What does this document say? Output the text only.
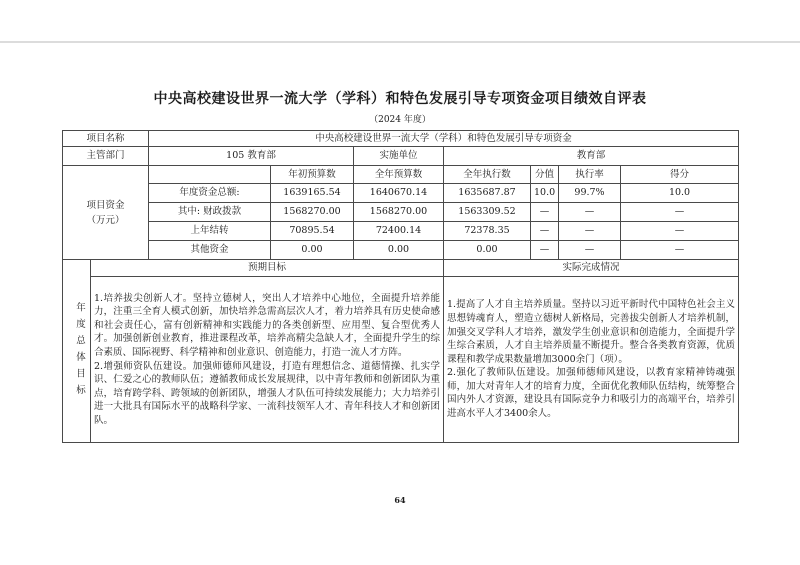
中央高校建设世界一流大学（学科）和特色发展引导专项资金项目绩效自评表
（2024 年度）
项目名称	中央高校建设世界一流大学（学科）和特色发展引导专项资金						
主管部门	105 教育部		实施单位	教育部			

项目资金
（万元）		年初预算数	全年预算数	全年执行数	分值	执行率	得分
	年度资金总额:	1639165.54	1640670.14	1635687.87	10.0	99.7%	10.0
	其中: 财政拨款	1568270.00	1568270.00	1563309.52	—	—	—
	上年结转	70895.54	72400.14	72378.35	—	—	—
	其他资金	0.00	0.00	0.00	—	—	—
年度总体目标	预期目标	实际完成情况

1.培养拔尖创新人才。坚持立德树人，突出人才培养中心地位，全面提升培养能力，注重三全育人模式创新，加快培养急需高层次人才，着力培养具有历史使命感和社会责任心，富有创新精神和实践能力的各类创新型、应用型、复合型优秀人才。加强创新创业教育，推进课程改革，培养高精尖急缺人才，全面提升学生的综合素质、国际视野、科学精神和创业意识、创造能力，打造一流人才方阵。

2.增强师资队伍建设。加强师德师风建设，打造有理想信念、道德情操、扎实学识、仁爱之心的教师队伍；遵循教师成长发展规律，以中青年教师和创新团队为重点，培育跨学科、跨领域的创新团队，增强人才队伍可持续发展能力；大力培养引进一大批具有国际水平的战略科学家、一流科技领军人才、青年科技人才和创新团队。

1.提高了人才自主培养质量。坚持以习近平新时代中国特色社会主义思想铸魂育人，塑造立德树人新格局，完善拔尖创新人才培养机制，加强交叉学科人才培养，激发学生创业意识和创造能力，全面提升学生综合素质，人才自主培养质量不断提升。整合各类教育资源，优质课程和教学成果数量增加3000余门（项）。

2.强化了教师队伍建设。加强师德师风建设，以教育家精神铸魂强师，加大对青年人才的培育力度，全面优化教师队伍结构，统筹整合国内外人才资源，建设具有国际竞争力和吸引力的高端平台，培养引进高水平人才3400余人。

64
